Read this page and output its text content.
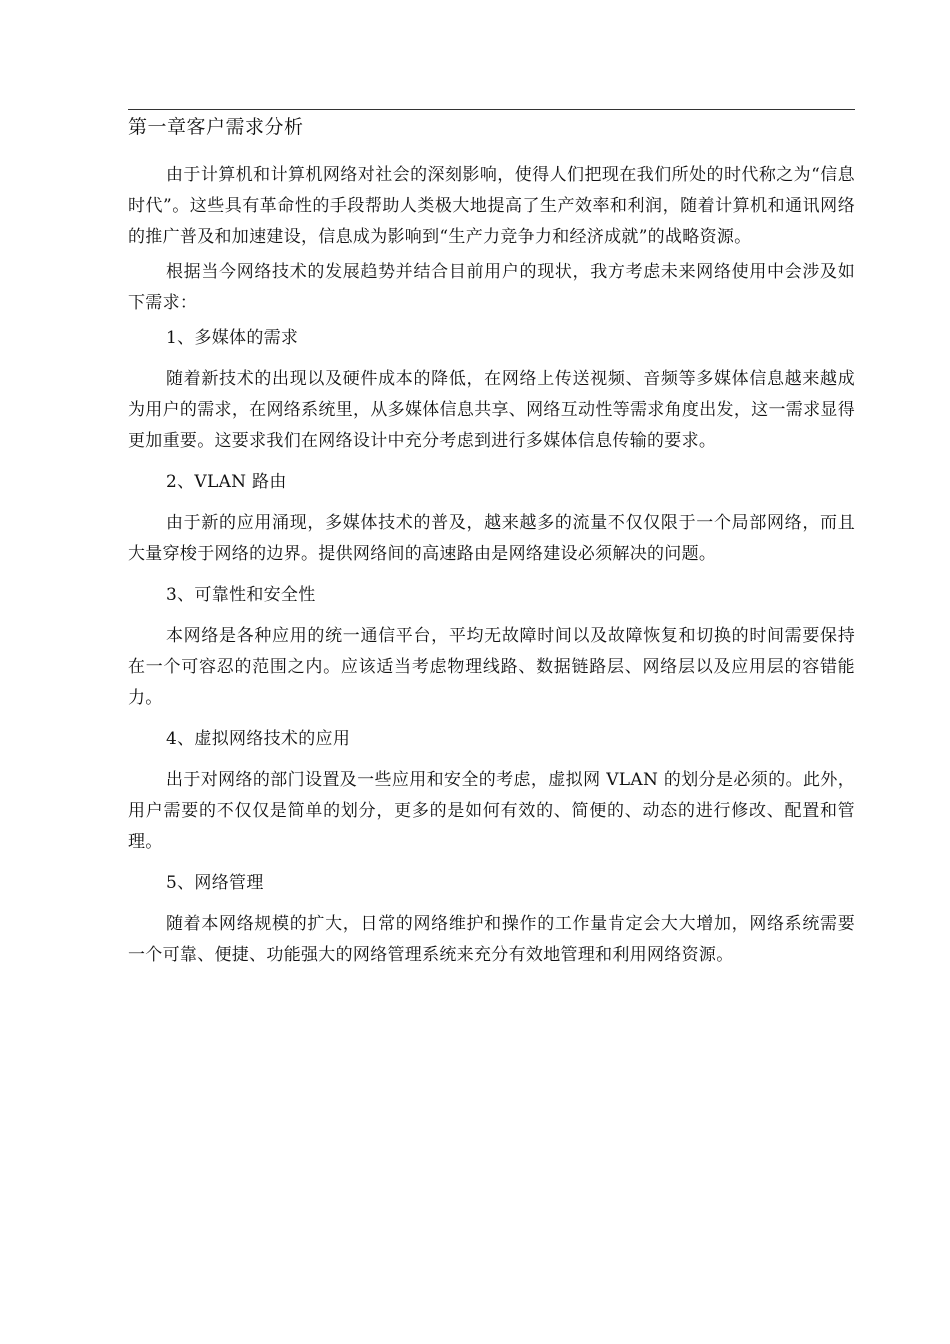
第一章客户需求分析

由于计算机和计算机网络对社会的深刻影响，使得人们把现在我们所处的时代称之为“信息时代”。这些具有革命性的手段帮助人类极大地提高了生产效率和利润，随着计算机和通讯网络的推广普及和加速建设，信息成为影响到“生产力竞争力和经济成就”的战略资源。

根据当今网络技术的发展趋势并结合目前用户的现状，我方考虑未来网络使用中会涉及如下需求：

1、多媒体的需求

随着新技术的出现以及硬件成本的降低，在网络上传送视频、音频等多媒体信息越来越成为用户的需求，在网络系统里，从多媒体信息共享、网络互动性等需求角度出发，这一需求显得更加重要。这要求我们在网络设计中充分考虑到进行多媒体信息传输的要求。

2、VLAN 路由

由于新的应用涌现，多媒体技术的普及，越来越多的流量不仅仅限于一个局部网络，而且大量穿梭于网络的边界。提供网络间的高速路由是网络建设必须解决的问题。

3、可靠性和安全性

本网络是各种应用的统一通信平台，平均无故障时间以及故障恢复和切换的时间需要保持在一个可容忍的范围之内。应该适当考虑物理线路、数据链路层、网络层以及应用层的容错能力。

4、虚拟网络技术的应用

出于对网络的部门设置及一些应用和安全的考虑，虚拟网 VLAN 的划分是必须的。此外，用户需要的不仅仅是简单的划分，更多的是如何有效的、简便的、动态的进行修改、配置和管理。

5、网络管理

随着本网络规模的扩大，日常的网络维护和操作的工作量肯定会大大增加，网络系统需要一个可靠、便捷、功能强大的网络管理系统来充分有效地管理和利用网络资源。
